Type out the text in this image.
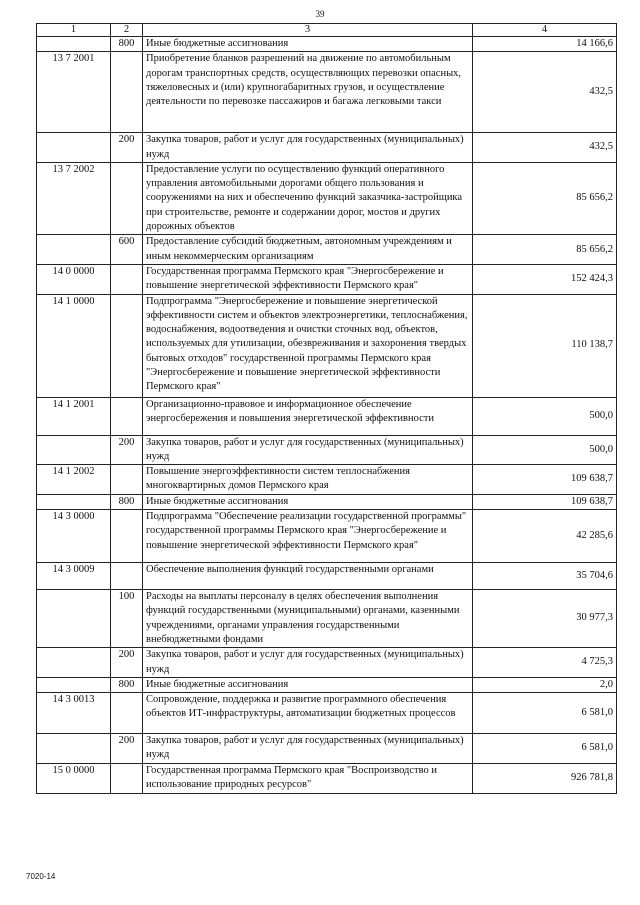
39
1	2	3	4
	800	Иные бюджетные ассигнования	14 166,6
13 7 2001		Приобретение бланков разрешений на движение по автомобильным дорогам транспортных средств, осуществляющих перевозки опасных, тяжеловесных и (или) крупногабаритных грузов, и осуществление деятельности по перевозке пассажиров и багажа легковыми такси	432,5
	200	Закупка товаров, работ и услуг для государственных (муниципальных) нужд	432,5
13 7 2002		Предоставление услуги по осуществлению функций оперативного управления автомобильными дорогами общего пользования и сооружениями на них и обеспечению функций заказчика-застройщика при строительстве, ремонте и содержании дорог, мостов и других дорожных объектов	85 656,2
	600	Предоставление субсидий бюджетным, автономным учреждениям и иным некоммерческим организациям	85 656,2
14 0 0000		Государственная программа Пермского края "Энергосбережение и повышение энергетической эффективности Пермского края"	152 424,3
14 1 0000		Подпрограмма "Энергосбережение и повышение энергетической эффективности систем и объектов электроэнергетики, теплоснабжения, водоснабжения, водоотведения и очистки сточных вод, объектов, используемых для утилизации, обезвреживания и захоронения твердых бытовых отходов" государственной программы Пермского края "Энергосбережение и повышение энергетической эффективности Пермского края"	110 138,7
14 1 2001		Организационно-правовое и информационное обеспечение энергосбережения и повышения энергетической эффективности	500,0
	200	Закупка товаров, работ и услуг для государственных (муниципальных) нужд	500,0
14 1 2002		Повышение энергоэффективности систем теплоснабжения многоквартирных домов Пермского края	109 638,7
	800	Иные бюджетные ассигнования	109 638,7
14 3 0000		Подпрограмма "Обеспечение реализации государственной программы" государственной программы Пермского края "Энергосбережение и повышение энергетической эффективности Пермского края"	42 285,6
14 3 0009		Обеспечение выполнения функций государственными органами	35 704,6
	100	Расходы на выплаты персоналу в целях обеспечения выполнения функций государственными (муниципальными) органами, казенными учреждениями, органами управления государственными внебюджетными фондами	30 977,3
	200	Закупка товаров, работ и услуг для государственных (муниципальных) нужд	4 725,3
	800	Иные бюджетные ассигнования	2,0
14 3 0013		Сопровождение, поддержка и развитие программного обеспечения объектов ИТ-инфраструктуры, автоматизации бюджетных процессов	6 581,0
	200	Закупка товаров, работ и услуг для государственных (муниципальных) нужд	6 581,0
15 0 0000		Государственная программа Пермского края "Воспроизводство и использование природных ресурсов"	926 781,8
7020-14
